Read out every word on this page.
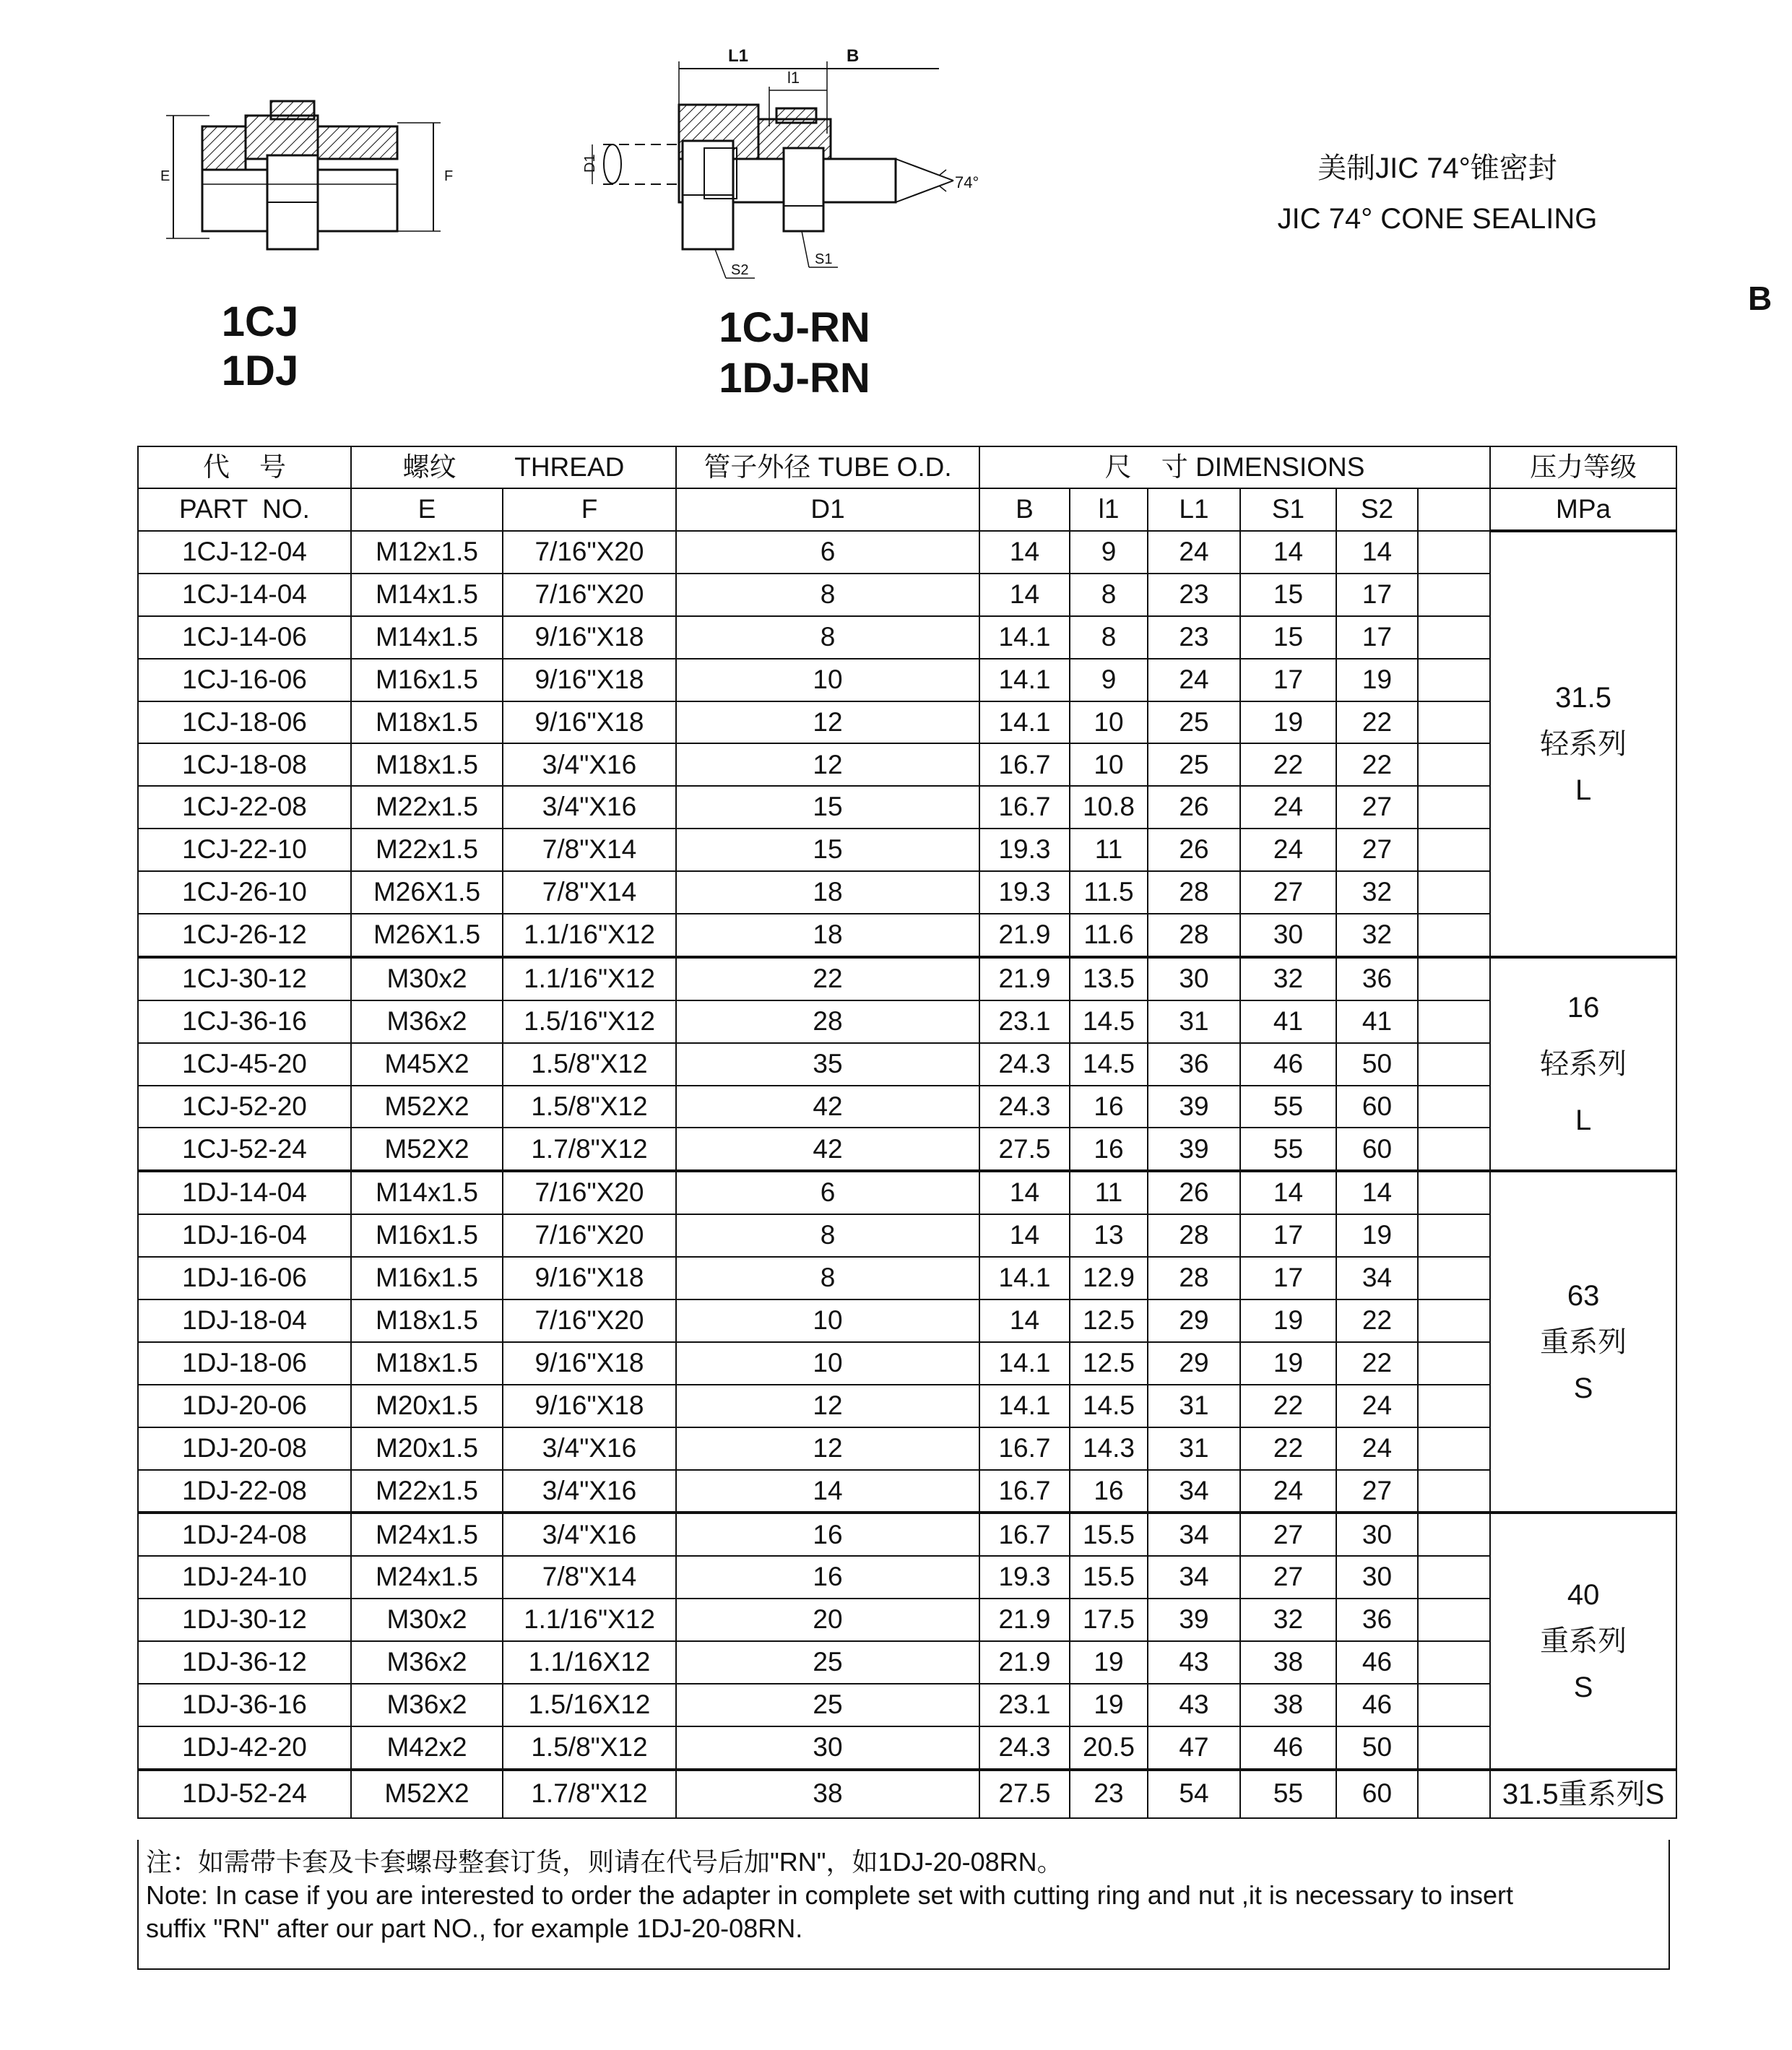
E	F
1CJ
1DJ
L1	B
l1
D1
74°
S2
S1
1CJ-RN
1DJ-RN
美制JIC 74°锥密封
JIC 74° CONE SEALING
B
代    号	螺纹 THREAD		管子外径 TUBE O.D.	尺    寸 DIMENSIONS						压力等级
PART  NO.	E	F	D1	B	l1	L1	S1	S2		MPa
1CJ-12-04	M12x1.5	7/16"X20	6	14	9	24	14	14		31.5
轻系列
L

1CJ-14-04	M14x1.5	7/16"X20	8	14	8	23	15	17		
1CJ-14-06	M14x1.5	9/16"X18	8	14.1	8	23	15	17		
1CJ-16-06	M16x1.5	9/16"X18	10	14.1	9	24	17	19		
1CJ-18-06	M18x1.5	9/16"X18	12	14.1	10	25	19	22		
1CJ-18-08	M18x1.5	3/4"X16	12	16.7	10	25	22	22		
1CJ-22-08	M22x1.5	3/4"X16	15	16.7	10.8	26	24	27		
1CJ-22-10	M22x1.5	7/8"X14	15	19.3	11	26	24	27		
1CJ-26-10	M26X1.5	7/8"X14	18	19.3	11.5	28	27	32		
1CJ-26-12	M26X1.5	1.1/16"X12	18	21.9	11.6	28	30	32		
1CJ-30-12	M30x2	1.1/16"X12	22	21.9	13.5	30	32	36		16
轻系列
L

1CJ-36-16	M36x2	1.5/16"X12	28	23.1	14.5	31	41	41		
1CJ-45-20	M45X2	1.5/8"X12	35	24.3	14.5	36	46	50		
1CJ-52-20	M52X2	1.5/8"X12	42	24.3	16	39	55	60		
1CJ-52-24	M52X2	1.7/8"X12	42	27.5	16	39	55	60		
1DJ-14-04	M14x1.5	7/16"X20	6	14	11	26	14	14		63
重系列
S

1DJ-16-04	M16x1.5	7/16"X20	8	14	13	28	17	19		
1DJ-16-06	M16x1.5	9/16"X18	8	14.1	12.9	28	17	34		
1DJ-18-04	M18x1.5	7/16"X20	10	14	12.5	29	19	22		
1DJ-18-06	M18x1.5	9/16"X18	10	14.1	12.5	29	19	22		
1DJ-20-06	M20x1.5	9/16"X18	12	14.1	14.5	31	22	24		
1DJ-20-08	M20x1.5	3/4"X16	12	16.7	14.3	31	22	24		
1DJ-22-08	M22x1.5	3/4"X16	14	16.7	16	34	24	27		
1DJ-24-08	M24x1.5	3/4"X16	16	16.7	15.5	34	27	30		40
重系列
S

1DJ-24-10	M24x1.5	7/8"X14	16	19.3	15.5	34	27	30		
1DJ-30-12	M30x2	1.1/16"X12	20	21.9	17.5	39	32	36		
1DJ-36-12	M36x2	1.1/16X12	25	21.9	19	43	38	46		
1DJ-36-16	M36x2	1.5/16X12	25	23.1	19	43	38	46		
1DJ-42-20	M42x2	1.5/8"X12	30	24.3	20.5	47	46	50		
1DJ-52-24	M52X2	1.7/8"X12	38	27.5	23	54	55	60		31.5重系列S
注：如需带卡套及卡套螺母整套订货，则请在代号后加"RN"，如1DJ-20-08RN。
Note: In case if you are interested to order the adapter in complete set with cutting ring and nut ,it is necessary to insert
suffix "RN" after our part NO., for example 1DJ-20-08RN.
